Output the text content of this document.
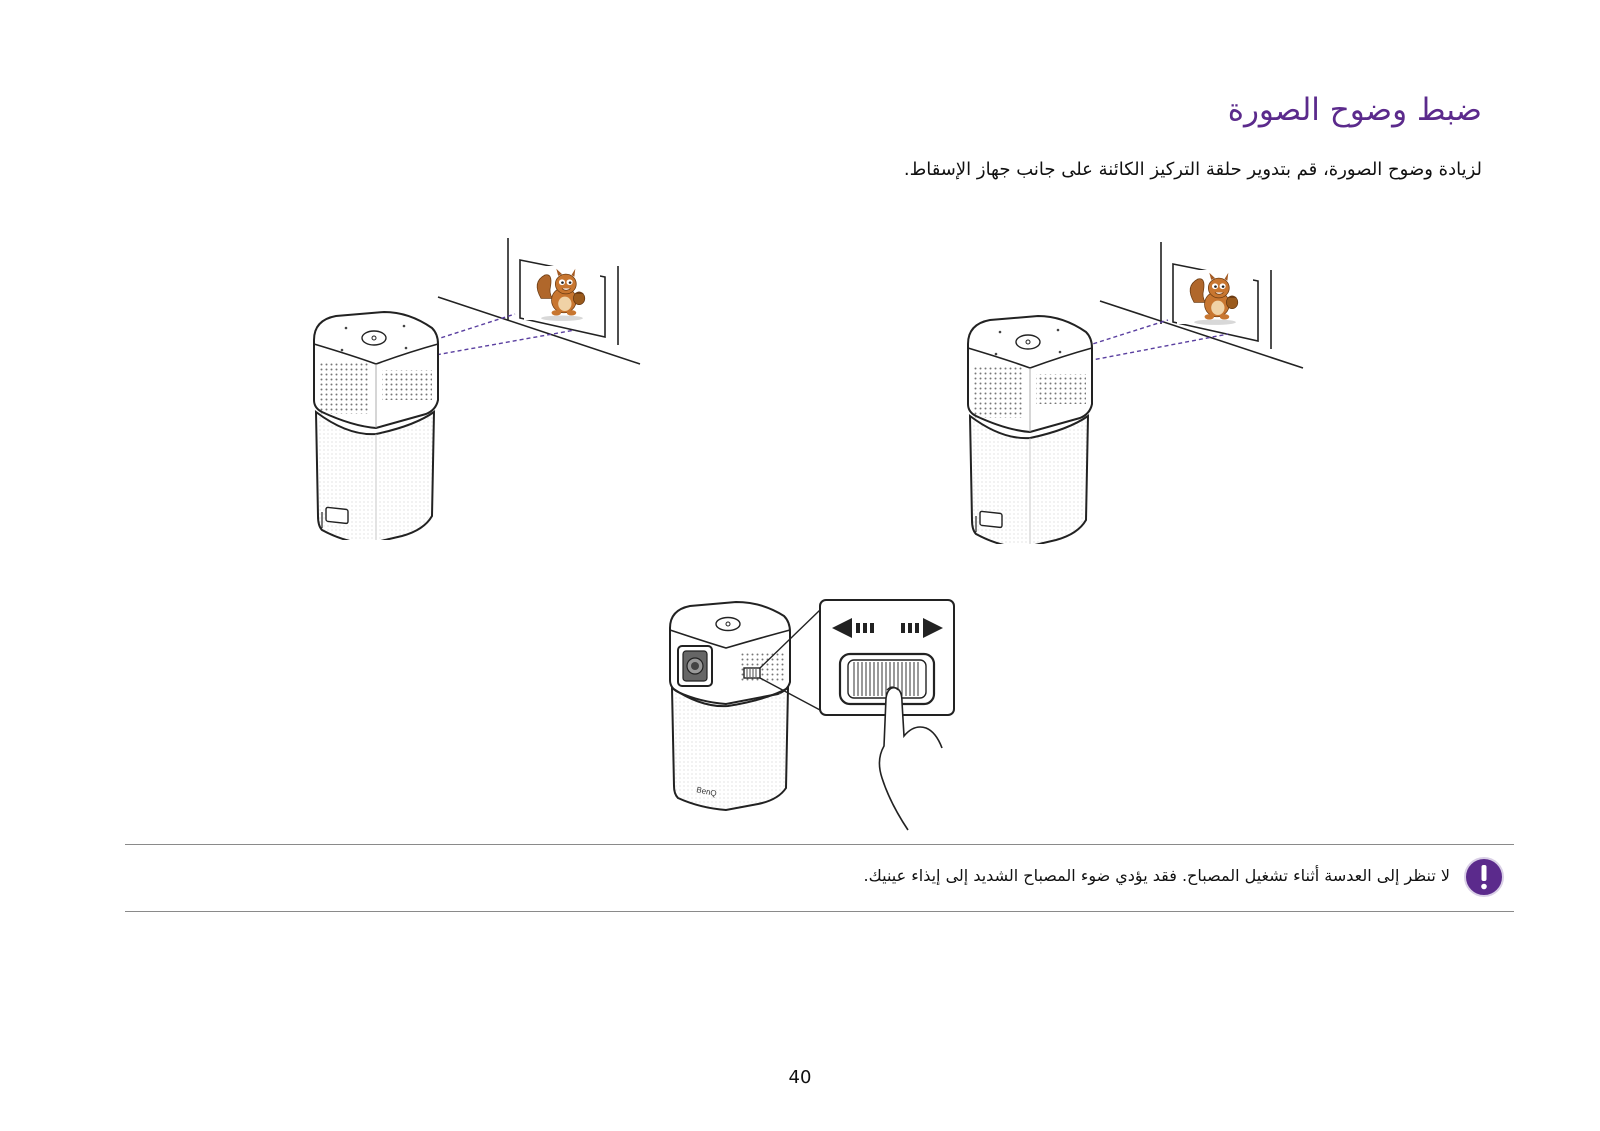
ضبط وضوح الصورة
لزيادة وضوح الصورة، قم بتدوير حلقة التركيز الكائنة على جانب جهاز الإسقاط.
BenQ
لا تنظر إلى العدسة أثناء تشغيل المصباح. فقد يؤدي ضوء المصباح الشديد إلى إيذاء عينيك.
40
